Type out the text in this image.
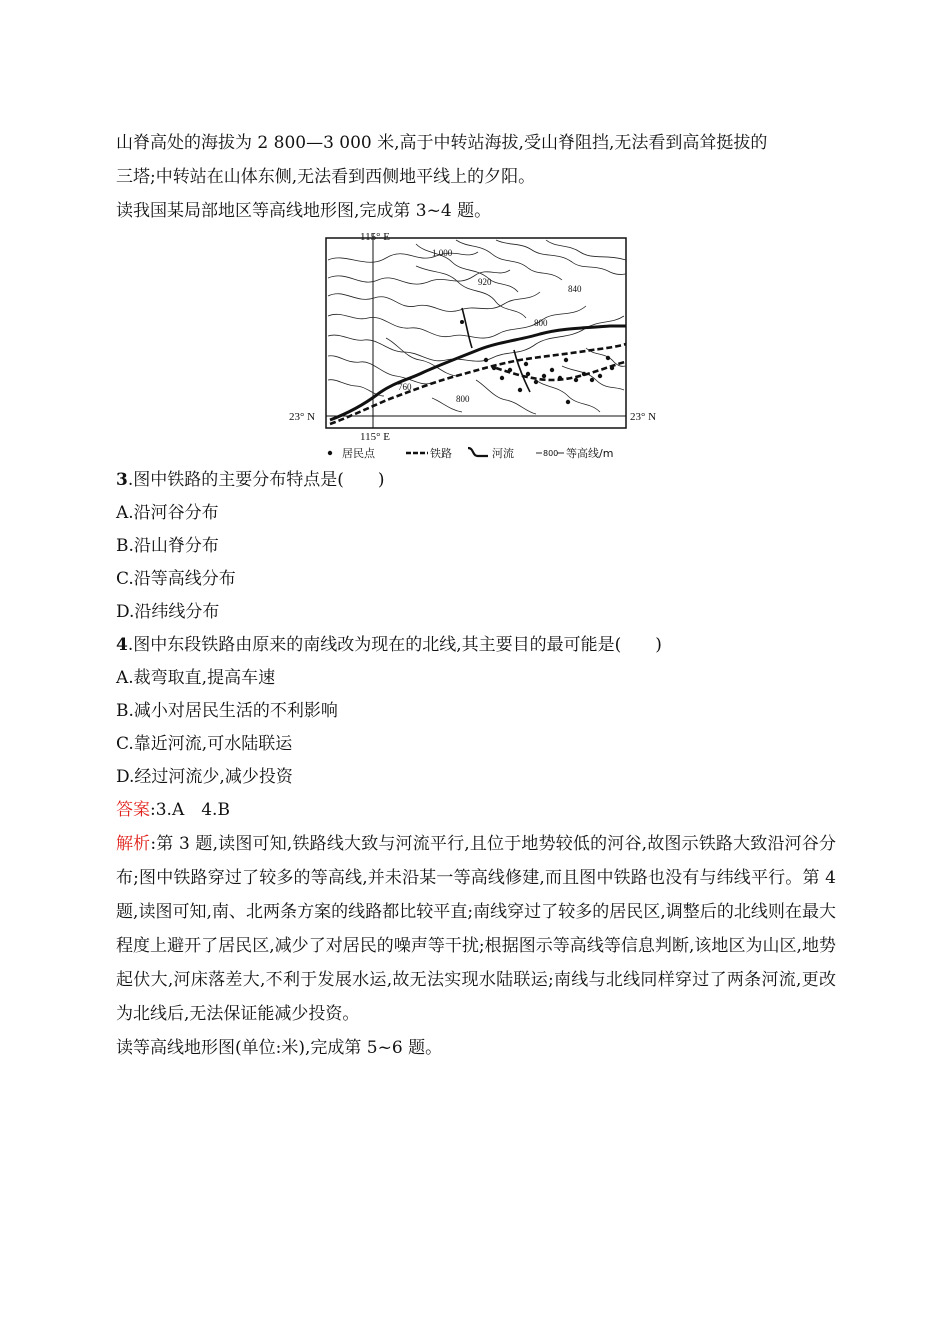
山脊高处的海拔为 2 800—3 000 米,高于中转站海拔,受山脊阻挡,无法看到高耸挺拔的
三塔;中转站在山体东侧,无法看到西侧地平线上的夕阳。
读我国某局部地区等高线地形图,完成第 3~4 题。
1 000
920
840
800
760
800
115° E
115° E
23° N	23° N
居民点	铁路	河流	800 等高线/m
3.图中铁路的主要分布特点是(　　)
A.沿河谷分布
B.沿山脊分布
C.沿等高线分布
D.沿纬线分布
4.图中东段铁路由原来的南线改为现在的北线,其主要目的最可能是(　　)
A.裁弯取直,提高车速
B.减小对居民生活的不利影响
C.靠近河流,可水陆联运
D.经过河流少,减少投资
答案:3.A　4.B
解析:第 3 题,读图可知,铁路线大致与河流平行,且位于地势较低的河谷,故图示铁路大致沿河谷分布;图中铁路穿过了较多的等高线,并未沿某一等高线修建,而且图中铁路也没有与纬线平行。第 4 题,读图可知,南、北两条方案的线路都比较平直;南线穿过了较多的居民区,调整后的北线则在最大程度上避开了居民区,减少了对居民的噪声等干扰;根据图示等高线等信息判断,该地区为山区,地势起伏大,河床落差大,不利于发展水运,故无法实现水陆联运;南线与北线同样穿过了两条河流,更改为北线后,无法保证能减少投资。
读等高线地形图(单位:米),完成第 5~6 题。
